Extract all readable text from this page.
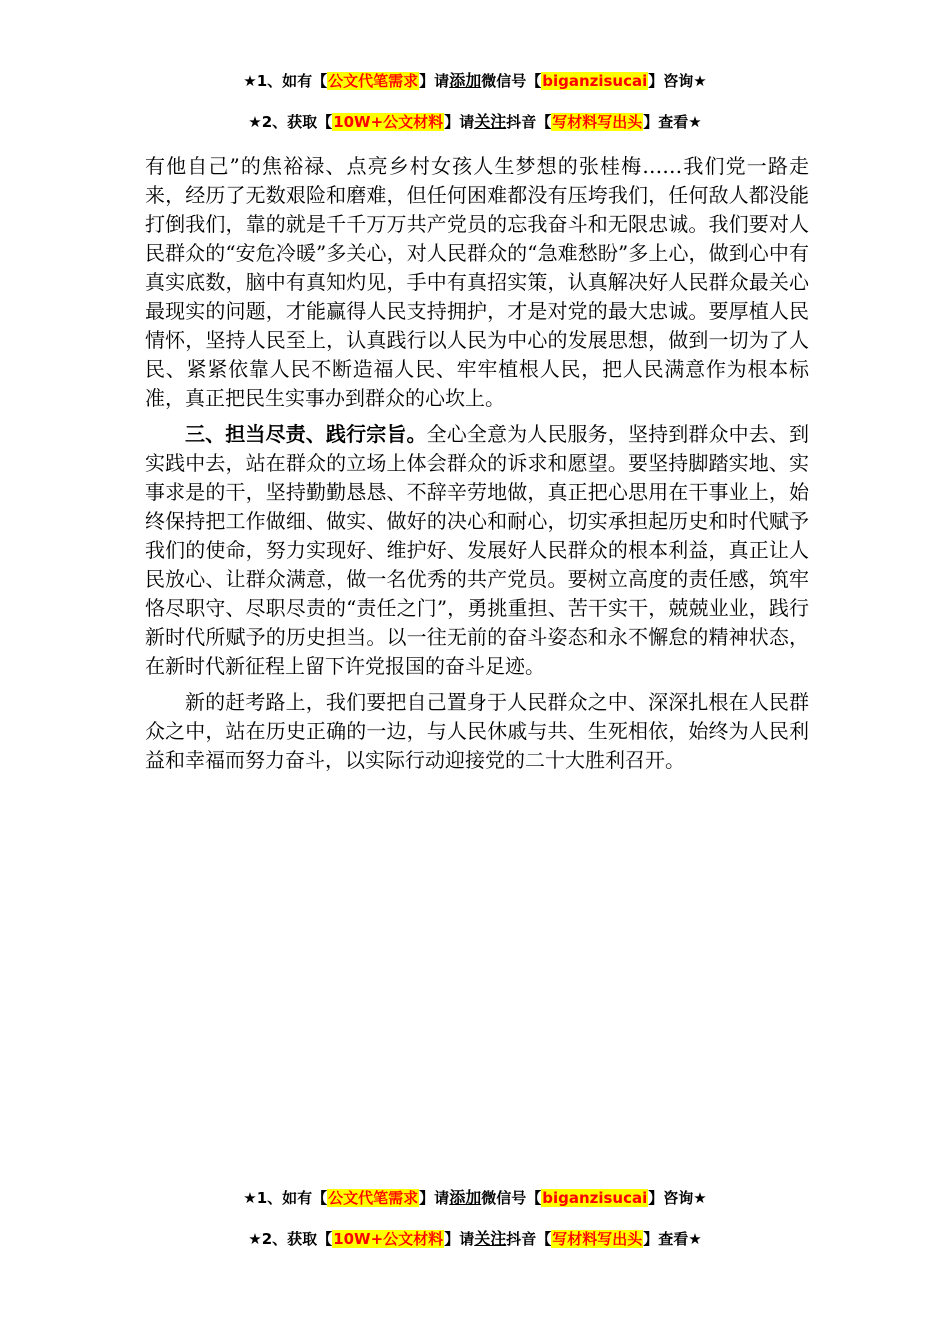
★1、如有【公文代笔需求】请添加微信号【biganzisucai】咨询★
★2、获取【10W+公文材料】请关注抖音【写材料写出头】查看★

有他自己”的焦裕禄、点亮乡村女孩人生梦想的张桂梅……我们党一路走来，经历了无数艰险和磨难，但任何困难都没有压垮我们，任何敌人都没能打倒我们，靠的就是千千万万共产党员的忘我奋斗和无限忠诚。我们要对人民群众的“安危冷暖”多关心，对人民群众的“急难愁盼”多上心，做到心中有真实底数，脑中有真知灼见，手中有真招实策，认真解决好人民群众最关心最现实的问题，才能赢得人民支持拥护，才是对党的最大忠诚。要厚植人民情怀，坚持人民至上，认真践行以人民为中心的发展思想，做到一切为了人民、紧紧依靠人民不断造福人民、牢牢植根人民，把人民满意作为根本标准，真正把民生实事办到群众的心坎上。

三、担当尽责、践行宗旨。全心全意为人民服务，坚持到群众中去、到实践中去，站在群众的立场上体会群众的诉求和愿望。要坚持脚踏实地、实事求是的干，坚持勤勤恳恳、不辞辛劳地做，真正把心思用在干事业上，始终保持把工作做细、做实、做好的决心和耐心，切实承担起历史和时代赋予我们的使命，努力实现好、维护好、发展好人民群众的根本利益，真正让人民放心、让群众满意，做一名优秀的共产党员。要树立高度的责任感，筑牢恪尽职守、尽职尽责的“责任之门”，勇挑重担、苦干实干，兢兢业业，践行新时代所赋予的历史担当。以一往无前的奋斗姿态和永不懈怠的精神状态，在新时代新征程上留下许党报国的奋斗足迹。

新的赶考路上，我们要把自己置身于人民群众之中、深深扎根在人民群众之中，站在历史正确的一边，与人民休戚与共、生死相依，始终为人民利益和幸福而努力奋斗，以实际行动迎接党的二十大胜利召开。

★1、如有【公文代笔需求】请添加微信号【biganzisucai】咨询★
★2、获取【10W+公文材料】请关注抖音【写材料写出头】查看★
